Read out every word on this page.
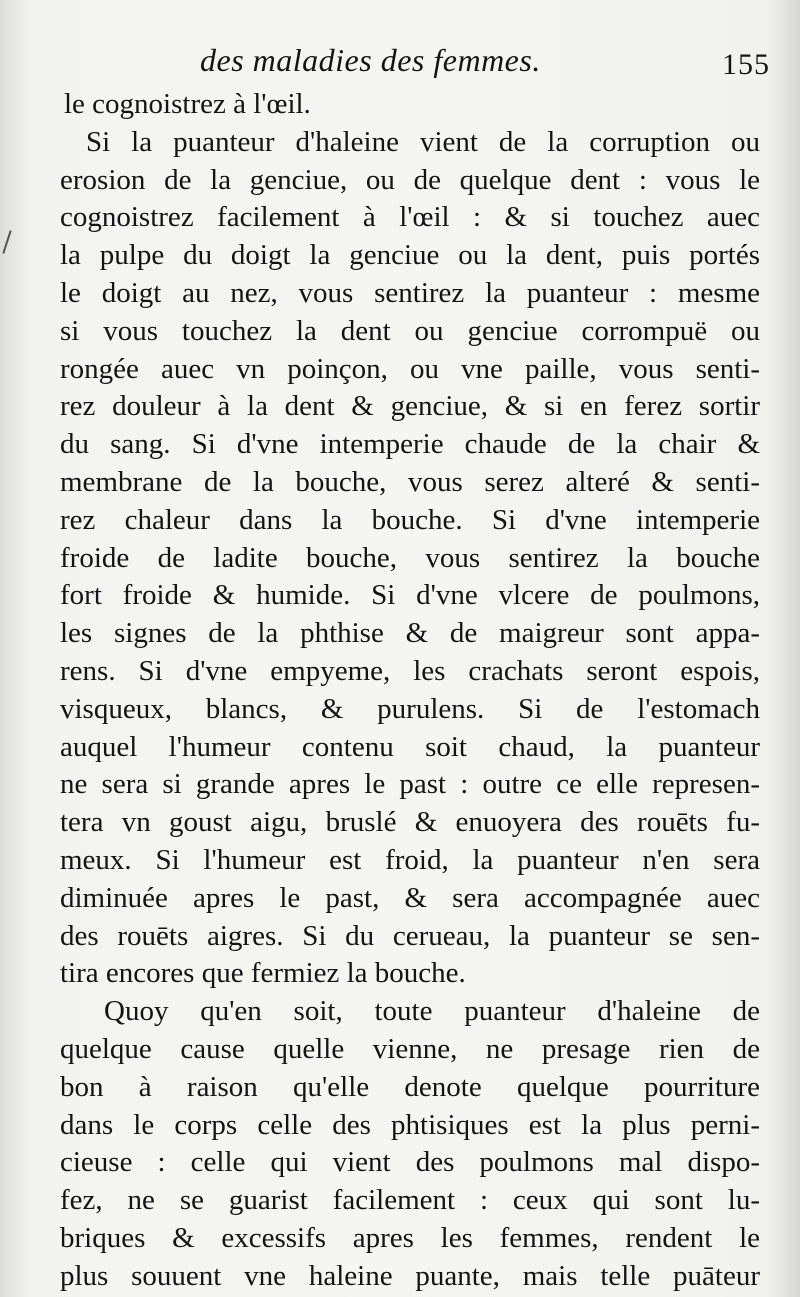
des maladies des femmes.	155
le cognoistrez à l'œil.
Si la puanteur d'haleine vient de la corruption ou
erosion de la genciue, ou de quelque dent : vous le
cognoistrez facilement à l'œil : & si touchez auec
la pulpe du doigt la genciue ou la dent, puis portés
le doigt au nez, vous sentirez la puanteur : mesme
si vous touchez la dent ou genciue corrompuë ou
rongée auec vn poinçon, ou vne paille, vous senti-
rez douleur à la dent & genciue, & si en ferez sortir
du sang. Si d'vne intemperie chaude de la chair &
membrane de la bouche, vous serez alteré & senti-
rez chaleur dans la bouche. Si d'vne intemperie
froide de ladite bouche, vous sentirez la bouche
fort froide & humide. Si d'vne vlcere de poulmons,
les signes de la phthise & de maigreur sont appa-
rens. Si d'vne empyeme, les crachats seront espois,
visqueux, blancs, & purulens. Si de l'estomach
auquel l'humeur contenu soit chaud, la puanteur
ne sera si grande apres le past : outre ce elle represen-
tera vn goust aigu, bruslé & enuoyera des rouēts fu-
meux. Si l'humeur est froid, la puanteur n'en sera
diminuée apres le past, & sera accompagnée auec
des rouēts aigres. Si du cerueau, la puanteur se sen-
tira encores que fermiez la bouche.
Quoy qu'en soit, toute puanteur d'haleine de
quelque cause quelle vienne, ne presage rien de
bon à raison qu'elle denote quelque pourriture
dans le corps celle des phtisiques est la plus perni-
cieuse : celle qui vient des poulmons mal dispo-
fez, ne se guarist facilement : ceux qui sont lu-
briques & excessifs apres les femmes, rendent le
plus souuent vne haleine puante, mais telle puāteur
